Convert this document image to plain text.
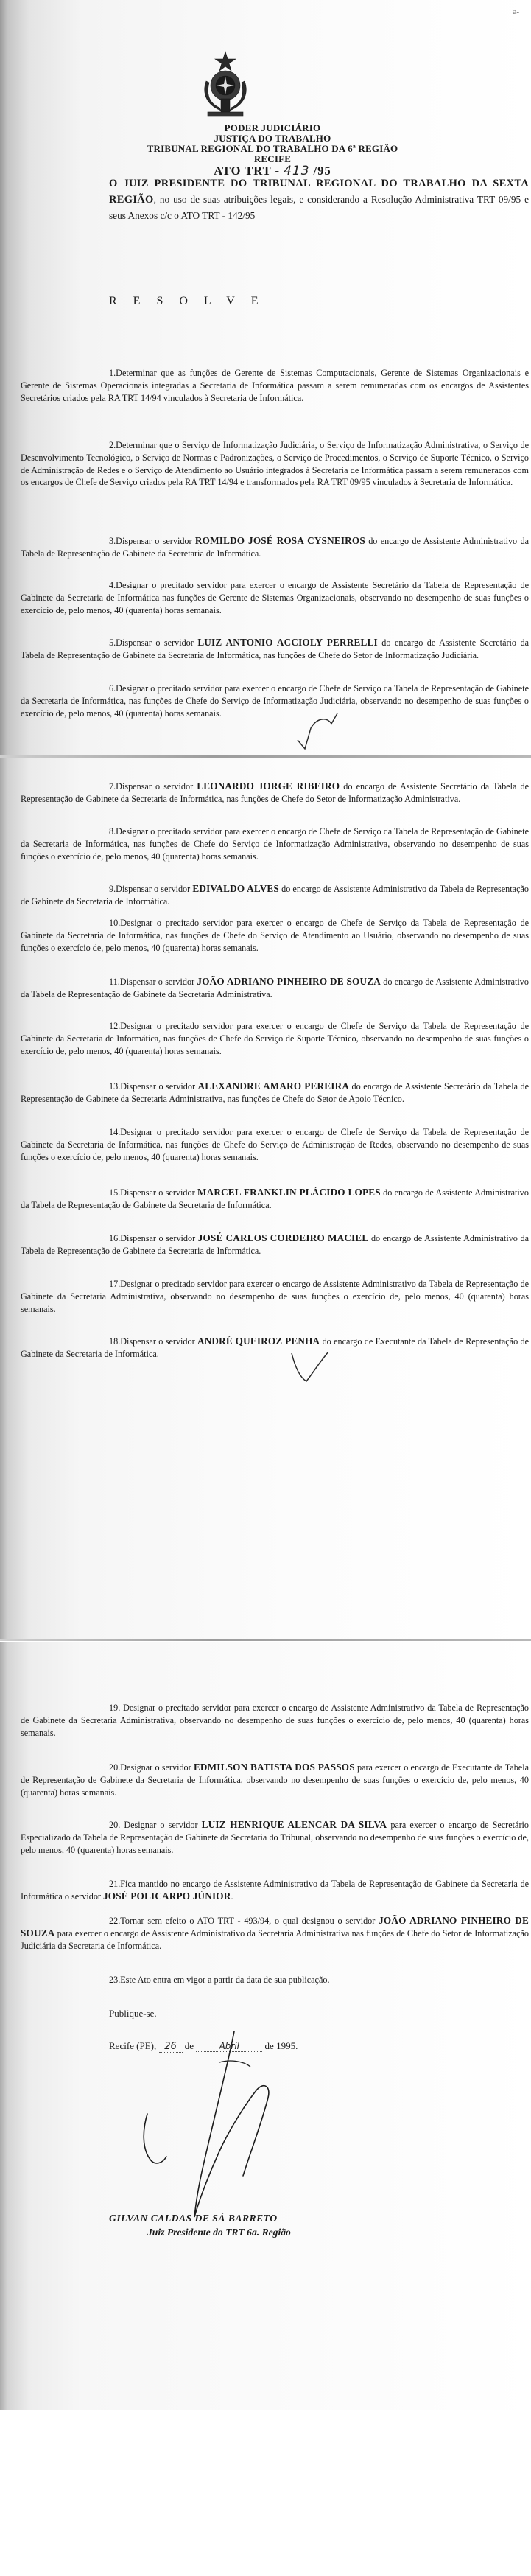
a-
PODER JUDICIÁRIO
JUSTIÇA DO TRABALHO
TRIBUNAL REGIONAL DO TRABALHO DA 6ª REGIÃO
RECIFE
ATO TRT - 413 /95
O JUIZ PRESIDENTE DO TRIBUNAL REGIONAL DO TRABALHO DA SEXTA REGIÃO, no uso de suas atribuições legais, e considerando a Resolução Administrativa TRT 09/95 e seus Anexos c/c o ATO TRT - 142/95
RESOLVE
1.Determinar que as funções de Gerente de Sistemas Computacionais, Gerente de Sistemas Organizacionais e Gerente de Sistemas Operacionais integradas a Secretaria de Informática passam a serem remuneradas com os encargos de Assistentes Secretários criados pela RA TRT 14/94 vinculados à Secretaria de Informática.
2.Determinar que o Serviço de Informatização Judiciária, o Serviço de Informatização Administrativa, o Serviço de Desenvolvimento Tecnológico, o Serviço de Normas e Padronizações, o Serviço de Procedimentos, o Serviço de Suporte Técnico, o Serviço de Administração de Redes e o Serviço de Atendimento ao Usuário integrados à Secretaria de Informática passam a serem remunerados com os encargos de Chefe de Serviço criados pela RA TRT 14/94 e transformados pela RA TRT 09/95 vinculados à Secretaria de Informática.
3.Dispensar o servidor ROMILDO JOSÉ ROSA CYSNEIROS do encargo de Assistente Administrativo da Tabela de Representação de Gabinete da Secretaria de Informática.
4.Designar o precitado servidor para exercer o encargo de Assistente Secretário da Tabela de Representação de Gabinete da Secretaria de Informática nas funções de Gerente de Sistemas Organizacionais, observando no desempenho de suas funções o exercício de, pelo menos, 40 (quarenta) horas semanais.
5.Dispensar o servidor LUIZ ANTONIO ACCIOLY PERRELLI do encargo de Assistente Secretário da Tabela de Representação de Gabinete da Secretaria de Informática, nas funções de Chefe do Setor de Informatização Judiciária.
6.Designar o precitado servidor para exercer o encargo de Chefe de Serviço da Tabela de Representação de Gabinete da Secretaria de Informática, nas funções de Chefe do Serviço de Informatização Judiciária, observando no desempenho de suas funções o exercício de, pelo menos, 40 (quarenta) horas semanais.
7.Dispensar o servidor LEONARDO JORGE RIBEIRO do encargo de Assistente Secretário da Tabela de Representação de Gabinete da Secretaria de Informática, nas funções de Chefe do Setor de Informatização Administrativa.
8.Designar o precitado servidor para exercer o encargo de Chefe de Serviço da Tabela de Representação de Gabinete da Secretaria de Informática, nas funções de Chefe do Serviço de Informatização Administrativa, observando no desempenho de suas funções o exercício de, pelo menos, 40 (quarenta) horas semanais.
9.Dispensar o servidor EDIVALDO ALVES do encargo de Assistente Administrativo da Tabela de Representação de Gabinete da Secretaria de Informática.
10.Designar o precitado servidor para exercer o encargo de Chefe de Serviço da Tabela de Representação de Gabinete da Secretaria de Informática, nas funções de Chefe do Serviço de Atendimento ao Usuário, observando no desempenho de suas funções o exercício de, pelo menos, 40 (quarenta) horas semanais.
11.Dispensar o servidor JOÃO ADRIANO PINHEIRO DE SOUZA do encargo de Assistente Administrativo da Tabela de Representação de Gabinete da Secretaria Administrativa.
12.Designar o precitado servidor para exercer o encargo de Chefe de Serviço da Tabela de Representação de Gabinete da Secretaria de Informática, nas funções de Chefe do Serviço de Suporte Técnico, observando no desempenho de suas funções o exercício de, pelo menos, 40 (quarenta) horas semanais.
13.Dispensar o servidor ALEXANDRE AMARO PEREIRA do encargo de Assistente Secretário da Tabela de Representação de Gabinete da Secretaria Administrativa, nas funções de Chefe do Setor de Apoio Técnico.
14.Designar o precitado servidor para exercer o encargo de Chefe de Serviço da Tabela de Representação de Gabinete da Secretaria de Informática, nas funções de Chefe do Serviço de Administração de Redes, observando no desempenho de suas funções o exercício de, pelo menos, 40 (quarenta) horas semanais.
15.Dispensar o servidor MARCEL FRANKLIN PLÁCIDO LOPES do encargo de Assistente Administrativo da Tabela de Representação de Gabinete da Secretaria de Informática.
16.Dispensar o servidor JOSÉ CARLOS CORDEIRO MACIEL do encargo de Assistente Administrativo da Tabela de Representação de Gabinete da Secretaria de Informática.
17.Designar o precitado servidor para exercer o encargo de Assistente Administrativo da Tabela de Representação de Gabinete da Secretaria Administrativa, observando no desempenho de suas funções o exercício de, pelo menos, 40 (quarenta) horas semanais.
18.Dispensar o servidor ANDRÉ QUEIROZ PENHA do encargo de Executante da Tabela de Representação de Gabinete da Secretaria de Informática.
19. Designar o precitado servidor para exercer o encargo de Assistente Administrativo da Tabela de Representação de Gabinete da Secretaria Administrativa, observando no desempenho de suas funções o exercício de, pelo menos, 40 (quarenta) horas semanais.
20.Designar o servidor EDMILSON BATISTA DOS PASSOS para exercer o encargo de Executante da Tabela de Representação de Gabinete da Secretaria de Informática, observando no desempenho de suas funções o exercício de, pelo menos, 40 (quarenta) horas semanais.
20. Designar o servidor LUIZ HENRIQUE ALENCAR DA SILVA para exercer o encargo de Secretário Especializado da Tabela de Representação de Gabinete da Secretaria do Tribunal, observando no desempenho de suas funções o exercício de, pelo menos, 40 (quarenta) horas semanais.
21.Fica mantido no encargo de Assistente Administrativo da Tabela de Representação de Gabinete da Secretaria de Informática o servidor JOSÉ POLICARPO JÚNIOR.
22.Tornar sem efeito o ATO TRT - 493/94, o qual designou o servidor JOÃO ADRIANO PINHEIRO DE SOUZA para exercer o encargo de Assistente Administrativo da Secretaria Administrativa nas funções de Chefe do Setor de Informatização Judiciária da Secretaria de Informática.
23.Este Ato entra em vigor a partir da data de sua publicação.
Publique-se.
Recife (PE), 26 de	Abril	de 1995.
GILVAN CALDAS DE SÁ BARRETO
Juiz Presidente do TRT 6a. Região
